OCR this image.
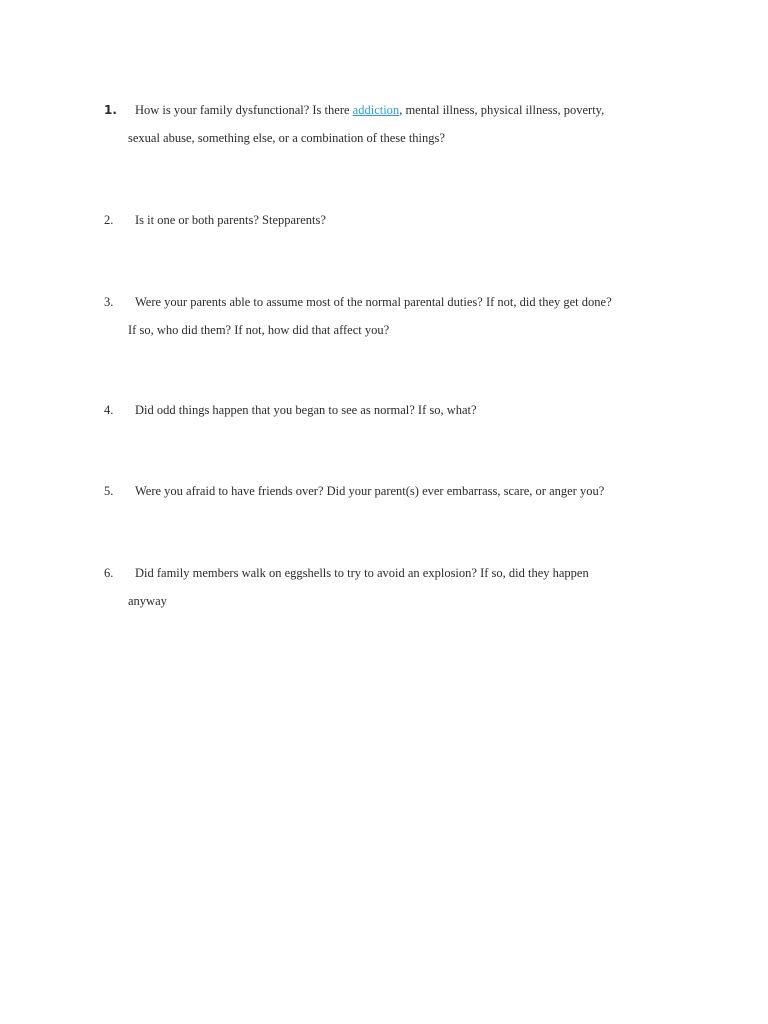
1.	How is your family dysfunctional? Is there addiction, mental illness, physical illness, poverty,
sexual abuse, something else, or a combination of these things?
2.	Is it one or both parents? Stepparents?
3.	Were your parents able to assume most of the normal parental duties? If not, did they get done?
If so, who did them? If not, how did that affect you?
4.	Did odd things happen that you began to see as normal? If so, what?
5.	Were you afraid to have friends over? Did your parent(s) ever embarrass, scare, or anger you?
6.	Did family members walk on eggshells to try to avoid an explosion? If so, did they happen
anyway
